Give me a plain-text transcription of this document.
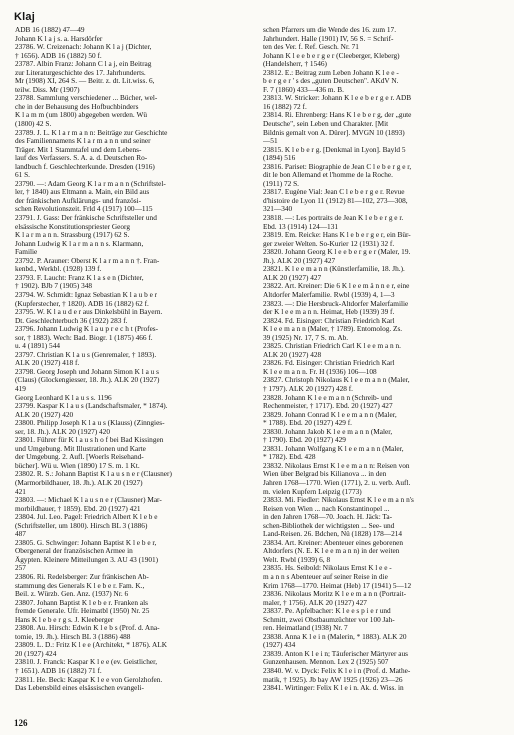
Klaj
ADB 16 (1882) 47—49
Johann K l a j s. a. Harsdörfer
23786. W. Creizenach: Johann K l a j (Dichter,
† 1656). ADB 16 (1882) 50 f.
23787. Albin Franz: Johann C l a j, ein Beitrag
zur Literaturgeschichte des 17. Jahrhunderts.
Mr (1908) XI, 264 S. — Beitr. z. dt. Lit.wiss. 6,
teilw. Diss. Mr (1907)
23788. Sammlung verschiedener ... Bücher, wel-
che in der Behausung des Hofbuchbinders
K l a m m (um 1800) abgegeben werden. Wü
(1800) 42 S.
23789. J. L. K l a r m a n n: Beiträge zur Geschichte
des Familiennamens K l a r m a n n und seiner
Träger. Mit 1 Stammtafel und dem Lebens-
lauf des Verfassers. S. A. a. d. Deutschen Ro-
landbuch f. Geschlechterkunde. Dresden (1916)
61 S.
23790. —: Adam Georg K l a r m a n n (Schriftstel-
ler, † 1840) aus Eltmann a. Main, ein Bild aus
der fränkischen Aufklärungs- und französi-
schen Revolutionszeit. Frld 4 (1917) 100—115
23791. J. Gass: Der fränkische Schriftsteller und
elsässische Konstitutionspriester Georg
K l a r m a n n. Strassburg (1917) 62 S.
Johann Ludwig K l a r m a n n s. Klarmann,
Familie
23792. P. Arauner: Oberst K l a r m a n n †. Fran-
kenbd., Werkbl. (1928) 139 f.
23793. F. Laucht: Franz K l a s e n (Dichter,
† 1902). BJb 7 (1905) 348
23794. W. Schmidt: Ignaz Sebastian K l a u b e r
(Kupferstecher, † 1820). ADB 16 (1882) 62 f.
23795. W. K l a u d e r aus Dinkelsbühl in Bayern.
Dt. Geschlechterbuch 36 (1922) 283 f.
23796. Johann Ludwig K l a u p r e c h t (Profes-
sor, † 1883). Wech: Bad. Biogr. 1 (1875) 466 f.
u. 4 (1891) 544
23797. Christian K l a u s (Genremaler, † 1893).
ALK 20 (1927) 418 f.
23798. Georg Joseph und Johann Simon K l a u s
(Claus) (Glockengiesser, 18. Jh.). ALK 20 (1927)
419
Georg Leonhard K l a u s s. 1196
23799. Kaspar K l a u s (Landschaftsmaler, * 1874).
ALK 20 (1927) 420
23800. Philipp Joseph K l a u s (Klauss) (Zinngies-
ser, 18. Jh.). ALK 20 (1927) 420
23801. Führer für K l a u s h o f bei Bad Kissingen
und Umgebung. Mit Illustrationen und Karte
der Umgebung. 2. Aufl. [Woerls Reisehand-
bücher]. Wü u. Wien (1890) 17 S. m. 1 Kt.
23802. R. S.: Johann Baptist K l a u s n e r (Clausner)
(Marmorbildhauer, 18. Jh.). ALK 20 (1927)
421
23803. —: Michael K l a u s n e r (Clausner) Mar-
morbildhauer, † 1859). Ebd. 20 (1927) 421
23804. Jul. Leo. Pagel: Friedrich Albert K l e b e
(Schriftsteller, um 1800). Hirsch BL 3 (1886)
487
23805. G. Schwinger: Johann Baptist K l e b e r,
Obergeneral der französischen Armee in
Ägypten. Kleinere Mitteilungen 3. AU 43 (1901)
257
23806. Ri. Redelsberger: Zur fränkischen Ab-
stammung des Generals K l e b e r. Fam. K.,
Beil. z. Würzb. Gen. Anz. (1937) Nr. 6
23807. Johann Baptist K l e b e r. Franken als
fremde Generale. Ufr. Heimatbl (1950) Nr. 25
Hans K l e b e r g s. J. Kleeberger
23808. Au. Hirsch: Edwin K l e b s (Prof. d. Ana-
tomie, 19. Jh.). Hirsch BL 3 (1886) 488
23809. L. D.: Fritz K l e e (Architekt, * 1876). ALK
20 (1927) 424
23810. J. Franck: Kaspar K l e e (ev. Geistlicher,
† 1651). ADB 16 (1882) 71 f.
23811. He. Beck: Kaspar K l e e von Gerolzhofen.
Das Lebensbild eines elsässischen evangeli-
schen Pfarrers um die Wende des 16. zum 17.
Jahrhundert. Halle (1901) IV, 56 S. = Schrif-
ten des Ver. f. Ref. Gesch. Nr. 71
Johann K l e e b e r g e r (Cleeberger, Kleberg)
(Handelsherr, † 1546)
23812. E.: Beitrag zum Leben Johann K l e e -
b e r g e r ' s des „guten Deutschen". AKdV N.
F. 7 (1860) 433—436 m. B.
23813. W. Stricker: Johann K l e e b e r g e r. ADB
16 (1882) 72 f.
23814. Ri. Ehrenberg: Hans K l e b e r g, der „gute
Deutsche", sein Leben und Charakter. [Mit
Bildnis gemalt von A. Dürer]. MVGN 10 (1893)
—51
23815. K l e b e r g. [Denkmal in Lyon]. Bayld 5
(1894) 516
23816. Pariset: Biographie de Jean C l e b e r g e r,
dit le bon Allemand et l'homme de la Roche.
(1911) 72 S.
23817. Eugène Vial: Jean C l e b e r g e r. Revue
d'histoire de Lyon 11 (1912) 81—102, 273—308,
321—340
23818. —: Les portraits de Jean K l e b e r g e r.
Ebd. 13 (1914) 124—131
23819. Em. Reicke: Hans K l e b e r g e r, ein Bür-
ger zweier Welten. So-Kurier 12 (1931) 32 f.
23820. Johann Georg K l e e b e r g e r (Maler, 19.
Jh.). ALK 20 (1927) 427
23821. K l e e m a n n (Künstlerfamilie, 18. Jh.).
ALK 20 (1927) 427
23822. Art. Kreiner: Die 6 K l e e m ä n n e r, eine
Altdorfer Malerfamilie. Rwbl (1939) 4, 1—3
23823. —: Die Hersbruck-Altdorfer Malerfamilie
der K l e e m a n n. Heimat, Heb (1939) 39 f.
23824. Fd. Eisinger: Christian Friedrich Karl
K l e e m a n n (Maler, † 1789). Entomolog. Zs.
39 (1925) Nr. 17, 7 S. m. Ab.
23825. Christian Friedrich Carl K l e e m a n n.
ALK 20 (1927) 428
23826. Fd. Eisinger: Christian Friedrich Karl
K l e e m a n n. Fr. H (1936) 106—108
23827. Christoph Nikolaus K l e e m a n n (Maler,
† 1797). ALK 20 (1927) 428 f.
23828. Johann K l e e m a n n (Schreib- und
Rechenmeister, † 1717). Ebd. 20 (1927) 427
23829. Johann Conrad K l e e m a n n (Maler,
* 1788). Ebd. 20 (1927) 429 f.
23830. Johann Jakob K l e e m a n n (Maler,
† 1790). Ebd. 20 (1927) 429
23831. Johann Wolfgang K l e e m a n n (Maler,
* 1782). Ebd. 428
23832. Nikolaus Ernst K l e e m a n n: Reisen von
Wien über Belgrad bis Kilianova ... in den
Jahren 1768—1770. Wien (1771), 2. u. verb. Aufl.
m. vielen Kupfern Leipzig (1773)
23833. Mi. Fiedler: Nikolaus Ernst K l e e m a n n's
Reisen von Wien ... nach Konstantinopel ...
in den Jahren 1768—70. Joach. H. Jäck: Ta-
schen-Bibliothek der wichtigsten ... See- und
Land-Reisen. 26. Bdchen, Nü (1828) 178—214
23834. Art. Kreiner: Abenteuer eines geborenen
Altdorfers (N. E. K l e e m a n n) in der weiten
Welt. Rwbl (1939) 6, 8
23835. Hs. Seibold: Nikolaus Ernst K l e e -
m a n n s Abenteuer auf seiner Reise in die
Krim 1768—1770. Heimat (Heb) 17 (1941) 5—12
23836. Nikolaus Moritz K l e e m a n n (Portrait-
maler, † 1756). ALK 20 (1927) 427
23837. Pe. Apfelbacher: K l e e s p i e r und
Schmitt, zwei Obstbaumzüchter vor 100 Jah-
ren. Heimatland (1938) Nr. 7
23838. Anna K l e i n (Malerin, * 1883). ALK 20
(1927) 434
23839. Anton K l e i n; Täuferischer Märtyrer aus
Gunzenhausen. Mennon. Lex 2 (1925) 507
23840. W. v. Dyck: Felix K l e i n (Prof. d. Mathe-
matik, † 1925). Jb bay AW 1925 (1926) 23—26
23841. Wirtinger: Felix K l e i n. Ak. d. Wiss. in
126
